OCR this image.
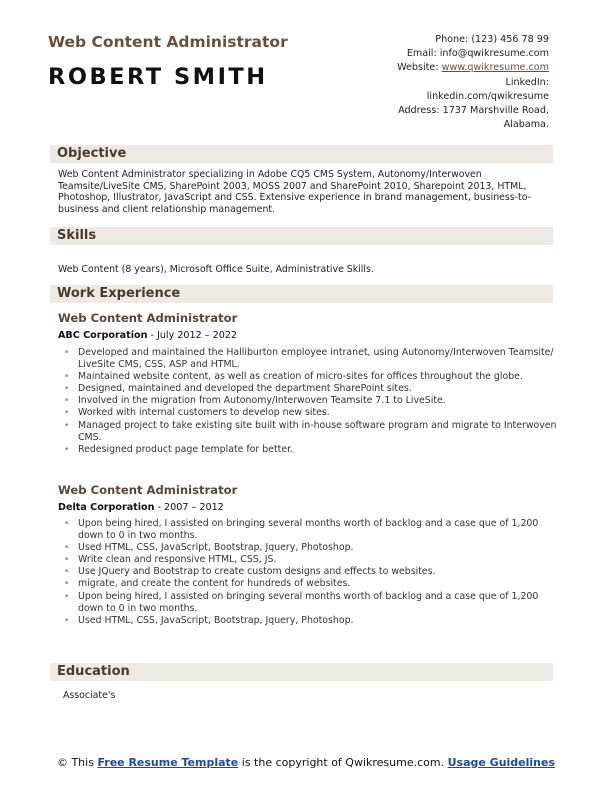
Web Content Administrator
ROBERT SMITH
Phone: (123) 456 78 99
Email: info@qwikresume.com
Website: www.qwikresume.com
LinkedIn:
linkedin.com/qwikresume
Address: 1737 Marshville Road,
Alabama.
Objective

Web Content Administrator specializing in Adobe CQ5 CMS System, Autonomy/Interwoven Teamsite/LiveSite CMS, SharePoint 2003, MOSS 2007 and SharePoint 2010, Sharepoint 2013, HTML, Photoshop, Illustrator, JavaScript and CSS. Extensive experience in brand management, business-to-business and client relationship management.

Skills

Web Content (8 years), Microsoft Office Suite, Administrative Skills.

Work Experience
Web Content Administrator

ABC Corporation - July 2012 – 2022

• Developed and maintained the Halliburton employee intranet, using Autonomy/Interwoven Teamsite/ LiveSite CMS, CSS, ASP and HTML.
• Maintained website content, as well as creation of micro-sites for offices throughout the globe.
• Designed, maintained and developed the department SharePoint sites.
• Involved in the migration from Autonomy/Interwoven Teamsite 7.1 to LiveSite.
• Worked with internal customers to develop new sites.
• Managed project to take existing site built with in-house software program and migrate to Interwoven CMS.
• Redesigned product page template for better.
Web Content Administrator

Delta Corporation - 2007 – 2012

• Upon being hired, I assisted on bringing several months worth of backlog and a case que of 1,200 down to 0 in two months.
• Used HTML, CSS, JavaScript, Bootstrap, Jquery, Photoshop.
• Write clean and responsive HTML, CSS, JS.
• Use JQuery and Bootstrap to create custom designs and effects to websites.
• migrate, and create the content for hundreds of websites.
• Upon being hired, I assisted on bringing several months worth of backlog and a case que of 1,200 down to 0 in two months.
• Used HTML, CSS, JavaScript, Bootstrap, Jquery, Photoshop.
Education

Associate's

© This Free Resume Template is the copyright of Qwikresume.com. Usage Guidelines
